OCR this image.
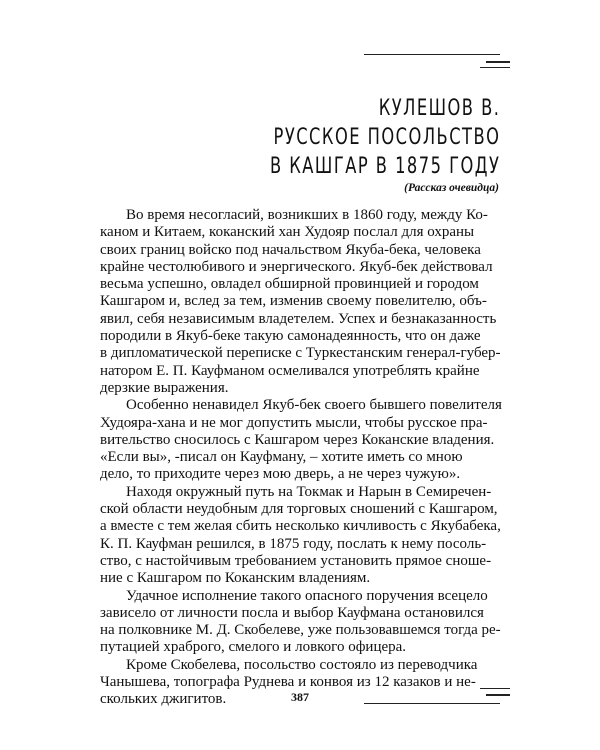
КУЛЕШОВ В.
РУССКОЕ ПОСОЛЬСТВО
В КАШГАР В 1875 ГОДУ
(Рассказ очевидца)

Во время несогласий, возникших в 1860 году, между Ко-
каном и Китаем, коканский хан Худояр послал для охраны
своих границ войско под начальством Якуба-бека, человека
крайне честолюбивого и энергического. Якуб-бек действовал
весьма успешно, овладел обширной провинцией и городом
Кашгаром и, вслед за тем, изменив своему повелителю, объ-
явил, себя независимым владетелем. Успех и безнаказанность
породили в Якуб-беке такую самонадеянность, что он даже
в дипломатической переписке с Туркестанским генерал-губер-
натором Е. П. Кауфманом осмеливался употреблять крайне
дерзкие выражения.

Особенно ненавидел Якуб-бек своего бывшего повелителя
Худояра-хана и не мог допустить мысли, чтобы русское пра-
вительство сносилось с Кашгаром через Коканские владения.
«Если вы», -писал он Кауфману, – хотите иметь со мною
дело, то приходите через мою дверь, а не через чужую».

Находя окружный путь на Токмак и Нарын в Семиречен-
ской области неудобным для торговых сношений с Кашгаром,
а вместе с тем желая сбить несколько кичливость с Якубабека,
К. П. Кауфман решился, в 1875 году, послать к нему посоль-
ство, с настойчивым требованием установить прямое сноше-
ние с Кашгаром по Коканским владениям.

Удачное исполнение такого опасного поручения всецело
зависело от личности посла и выбор Кауфмана остановился
на полковнике М. Д. Скобелеве, уже пользовавшемся тогда ре-
путацией храброго, смелого и ловкого офицера.

Кроме Скобелева, посольство состояло из переводчика
Чанышева, топографа Руднева и конвоя из 12 казаков и не-
скольких джигитов.	387
